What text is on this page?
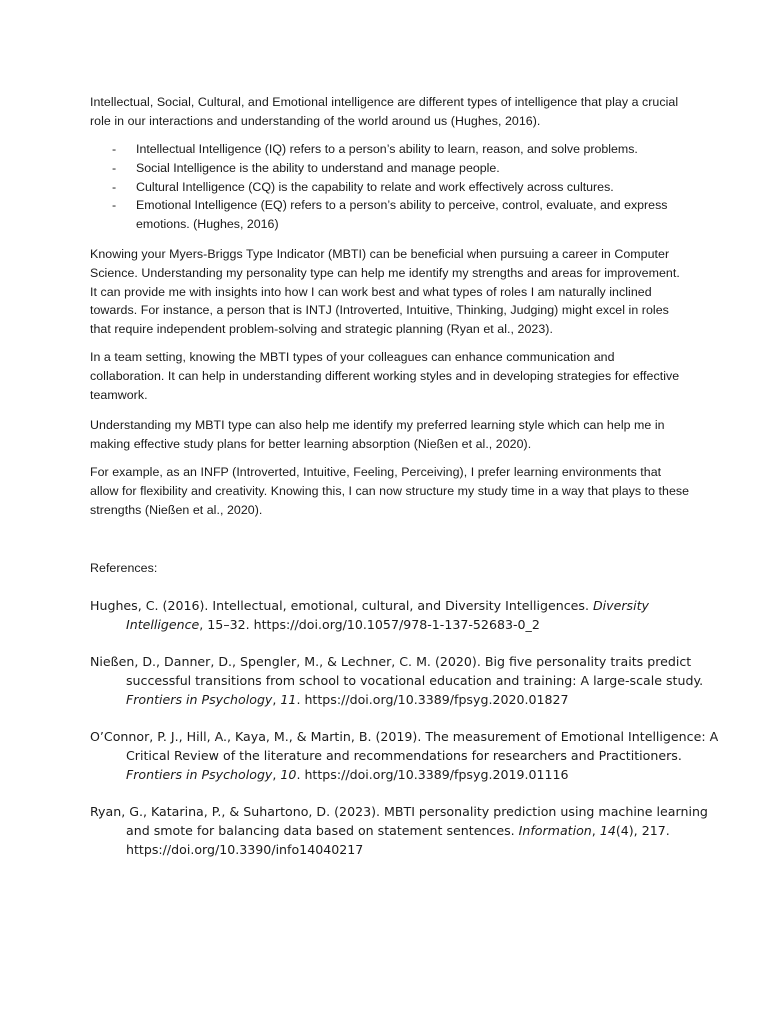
Intellectual, Social, Cultural, and Emotional intelligence are different types of intelligence that play a crucial role in our interactions and understanding of the world around us (Hughes, 2016).
- Intellectual Intelligence (IQ) refers to a person’s ability to learn, reason, and solve problems.
- Social Intelligence is the ability to understand and manage people.
- Cultural Intelligence (CQ) is the capability to relate and work effectively across cultures.
- Emotional Intelligence (EQ) refers to a person’s ability to perceive, control, evaluate, and express emotions. (Hughes, 2016)
Knowing your Myers-Briggs Type Indicator (MBTI) can be beneficial when pursuing a career in Computer Science. Understanding my personality type can help me identify my strengths and areas for improvement. It can provide me with insights into how I can work best and what types of roles I am naturally inclined towards. For instance, a person that is INTJ (Introverted, Intuitive, Thinking, Judging) might excel in roles that require independent problem-solving and strategic planning (Ryan et al., 2023).
In a team setting, knowing the MBTI types of your colleagues can enhance communication and collaboration. It can help in understanding different working styles and in developing strategies for effective teamwork.
Understanding my MBTI type can also help me identify my preferred learning style which can help me in making effective study plans for better learning absorption (Nießen et al., 2020).
For example, as an INFP (Introverted, Intuitive, Feeling, Perceiving), I prefer learning environments that allow for flexibility and creativity. Knowing this, I can now structure my study time in a way that plays to these strengths (Nießen et al., 2020).
References:
Hughes, C. (2016). Intellectual, emotional, cultural, and Diversity Intelligences. Diversity Intelligence, 15–32. https://doi.org/10.1057/978-1-137-52683-0_2
Nießen, D., Danner, D., Spengler, M., & Lechner, C. M. (2020). Big five personality traits predict successful transitions from school to vocational education and training: A large-scale study. Frontiers in Psychology, 11. https://doi.org/10.3389/fpsyg.2020.01827
O’Connor, P. J., Hill, A., Kaya, M., & Martin, B. (2019). The measurement of Emotional Intelligence: A Critical Review of the literature and recommendations for researchers and Practitioners. Frontiers in Psychology, 10. https://doi.org/10.3389/fpsyg.2019.01116
Ryan, G., Katarina, P., & Suhartono, D. (2023). MBTI personality prediction using machine learning and smote for balancing data based on statement sentences. Information, 14(4), 217. https://doi.org/10.3390/info14040217
